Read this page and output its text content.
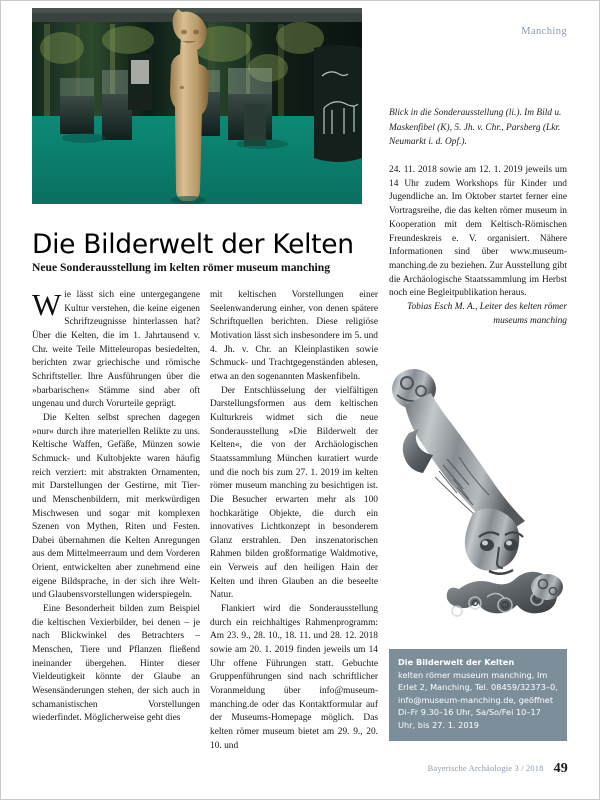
Manching
Blick in die Sonderausstellung (li.). Im Bild u. Maskenfibel (K), 5. Jh. v. Chr., Parsberg (Lkr. Neumarkt i. d. Opf.).

24. 11. 2018 sowie am 12. 1. 2019 jeweils um 14 Uhr zudem Workshops für Kinder und Jugendliche an. Im Oktober startet ferner eine Vortragsreihe, die das kelten römer museum in Kooperation mit dem Keltisch-Römischen Freundeskreis e. V. organisiert. Nähere Informationen sind über www.museum-manching.de zu beziehen. Zur Ausstellung gibt die Archäologische Staatssammlung im Herbst noch eine Begleitpublikation heraus.

Tobias Esch M. A., Leiter des kelten römer museums manching

Die Bilderwelt der Kelten
Neue Sonderausstellung im kelten römer museum manching

Wie lässt sich eine untergegangene Kultur verstehen, die keine eigenen Schriftzeugnisse hinterlassen hat? Über die Kelten, die im 1. Jahrtausend v. Chr. weite Teile Mitteleuropas besiedelten, berichten zwar griechische und römische Schriftsteller. Ihre Ausführungen über die »barbarischen« Stämme sind aber oft ungenau und durch Vorurteile geprägt.

Die Kelten selbst sprechen dagegen »nur« durch ihre materiellen Relikte zu uns. Keltische Waffen, Gefäße, Münzen sowie Schmuck- und Kultobjekte waren häufig reich verziert: mit abstrakten Ornamenten, mit Darstellungen der Gestirne, mit Tier- und Menschenbildern, mit merkwürdigen Mischwesen und sogar mit komplexen Szenen von Mythen, Riten und Festen. Dabei übernahmen die Kelten Anregungen aus dem Mittelmeerraum und dem Vorderen Orient, entwickelten aber zunehmend eine eigene Bildsprache, in der sich ihre Welt- und Glaubensvorstellungen widerspiegeln.

Eine Besonderheit bilden zum Beispiel die keltischen Vexierbilder, bei denen – je nach Blickwinkel des Betrachters – Menschen, Tiere und Pflanzen fließend ineinander übergehen. Hinter dieser Vieldeutigkeit könnte der Glaube an Wesensänderungen stehen, der sich auch in schamanistischen Vorstellungen wiederfindet. Möglicherweise geht dies

mit keltischen Vorstellungen einer Seelenwanderung einher, von denen spätere Schriftquellen berichten. Diese religiöse Motivation lässt sich insbesondere im 5. und 4. Jh. v. Chr. an Kleinplastiken sowie Schmuck- und Trachtgegenständen ablesen, etwa an den sogenannten Maskenfibeln.

Der Entschlüsselung der vielfältigen Darstellungsformen aus dem keltischen Kulturkreis widmet sich die neue Sonderausstellung »Die Bilderwelt der Kelten«, die von der Archäologischen Staatssammlung München kuratiert wurde und die noch bis zum 27. 1. 2019 im kelten römer museum manching zu besichtigen ist. Die Besucher erwarten mehr als 100 hochkarätige Objekte, die durch ein innovatives Lichtkonzept in besonderem Glanz erstrahlen. Den inszenatorischen Rahmen bilden großformatige Waldmotive, ein Verweis auf den heiligen Hain der Kelten und ihren Glauben an die beseelte Natur.

Flankiert wird die Sonderausstellung durch ein reichhaltiges Rahmenprogramm: Am 23. 9., 28. 10., 18. 11. und 28. 12. 2018 sowie am 20. 1. 2019 finden jeweils um 14 Uhr offene Führungen statt. Gebuchte Gruppenführungen sind nach schriftlicher Voranmeldung über info@museum-manching.de oder das Kontaktformular auf der Museums-Homepage möglich. Das kelten römer museum bietet am 29. 9., 20. 10. und

Die Bilderwelt der Kelten
kelten römer museum manching, Im Erlet 2, Manching, Tel. 08459/32373–0, info@museum-manching.de, geöffnet Di–Fr 9.30–16 Uhr, Sa/So/Fei 10–17 Uhr, bis 27. 1. 2019
Bayerische Archäologie 3 / 2018 49
